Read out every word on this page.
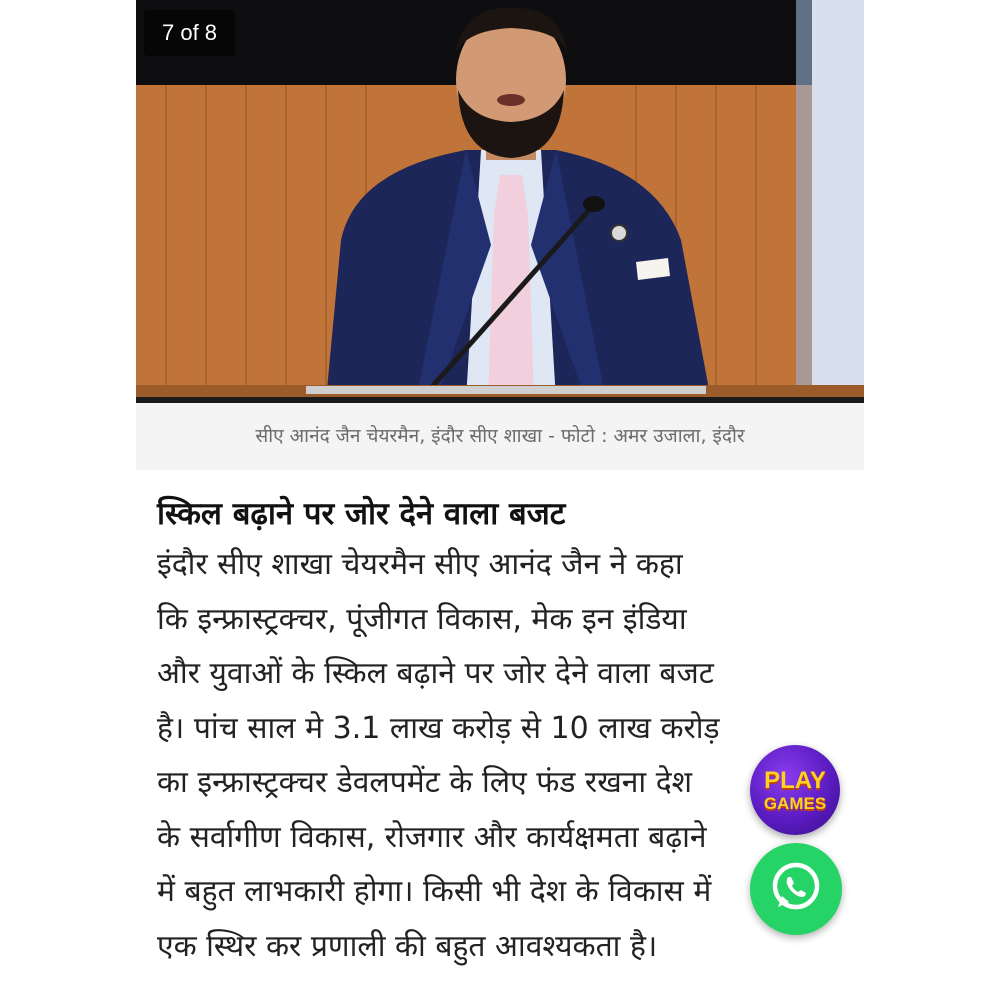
7 of 8
सीए आनंद जैन चेयरमैन, इंदौर सीए शाखा - फोटो : अमर उजाला, इंदौर
स्किल बढ़ाने पर जोर देने वाला बजट

इंदौर सीए शाखा चेयरमैन सीए आनंद जैन ने कहा
कि इन्फ्रास्ट्रक्चर, पूंजीगत विकास, मेक इन इंडिया
और युवाओं के स्किल बढ़ाने पर जोर देने वाला बजट
है। पांच साल मे 3.1 लाख करोड़ से 10 लाख करोड़
का इन्फ्रास्ट्रक्चर डेवलपमेंट के लिए फंड रखना देश
के सर्वागीण विकास, रोजगार और कार्यक्षमता बढ़ाने
में बहुत लाभकारी होगा। किसी भी देश के विकास में
एक स्थिर कर प्रणाली की बहुत आवश्यकता है।

PLAY
GAMES
